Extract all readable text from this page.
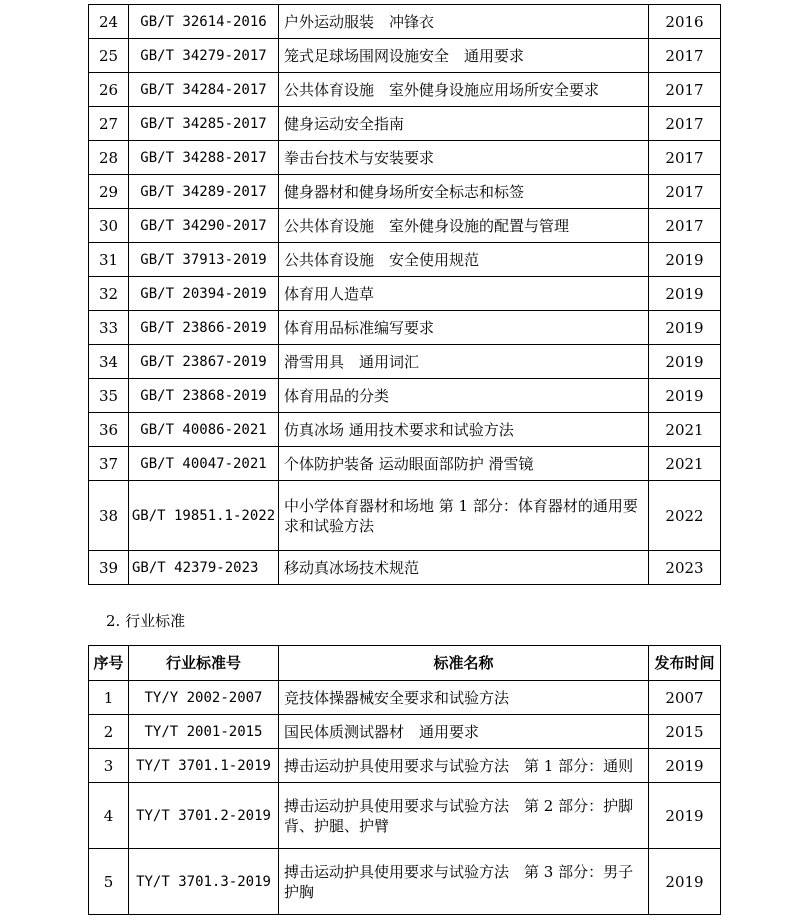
24	GB/T 32614-2016	户外运动服装　冲锋衣	2016
25	GB/T 34279-2017	笼式足球场围网设施安全　通用要求	2017
26	GB/T 34284-2017	公共体育设施　室外健身设施应用场所安全要求	2017
27	GB/T 34285-2017	健身运动安全指南	2017
28	GB/T 34288-2017	拳击台技术与安装要求	2017
29	GB/T 34289-2017	健身器材和健身场所安全标志和标签	2017
30	GB/T 34290-2017	公共体育设施　室外健身设施的配置与管理	2017
31	GB/T 37913-2019	公共体育设施　安全使用规范	2019
32	GB/T 20394-2019	体育用人造草	2019
33	GB/T 23866-2019	体育用品标准编写要求	2019
34	GB/T 23867-2019	滑雪用具　通用词汇	2019
35	GB/T 23868-2019	体育用品的分类	2019
36	GB/T 40086-2021	仿真冰场 通用技术要求和试验方法	2021
37	GB/T 40047-2021	个体防护装备 运动眼面部防护 滑雪镜	2021
38	GB/T 19851.1-2022	中小学体育器材和场地 第 1 部分：体育器材的通用要求和试验方法	2022
39	GB/T 42379-2023	移动真冰场技术规范	2023
2. 行业标准
序号	行业标准号	标准名称	发布时间
1	TY/Y 2002-2007	竞技体操器械安全要求和试验方法	2007
2	TY/T 2001-2015	国民体质测试器材　通用要求	2015
3	TY/T 3701.1-2019	搏击运动护具使用要求与试验方法　第 1 部分：通则	2019
4	TY/T 3701.2-2019	搏击运动护具使用要求与试验方法　第 2 部分：护脚背、护腿、护臂	2019
5	TY/T 3701.3-2019	搏击运动护具使用要求与试验方法　第 3 部分：男子护胸	2019
